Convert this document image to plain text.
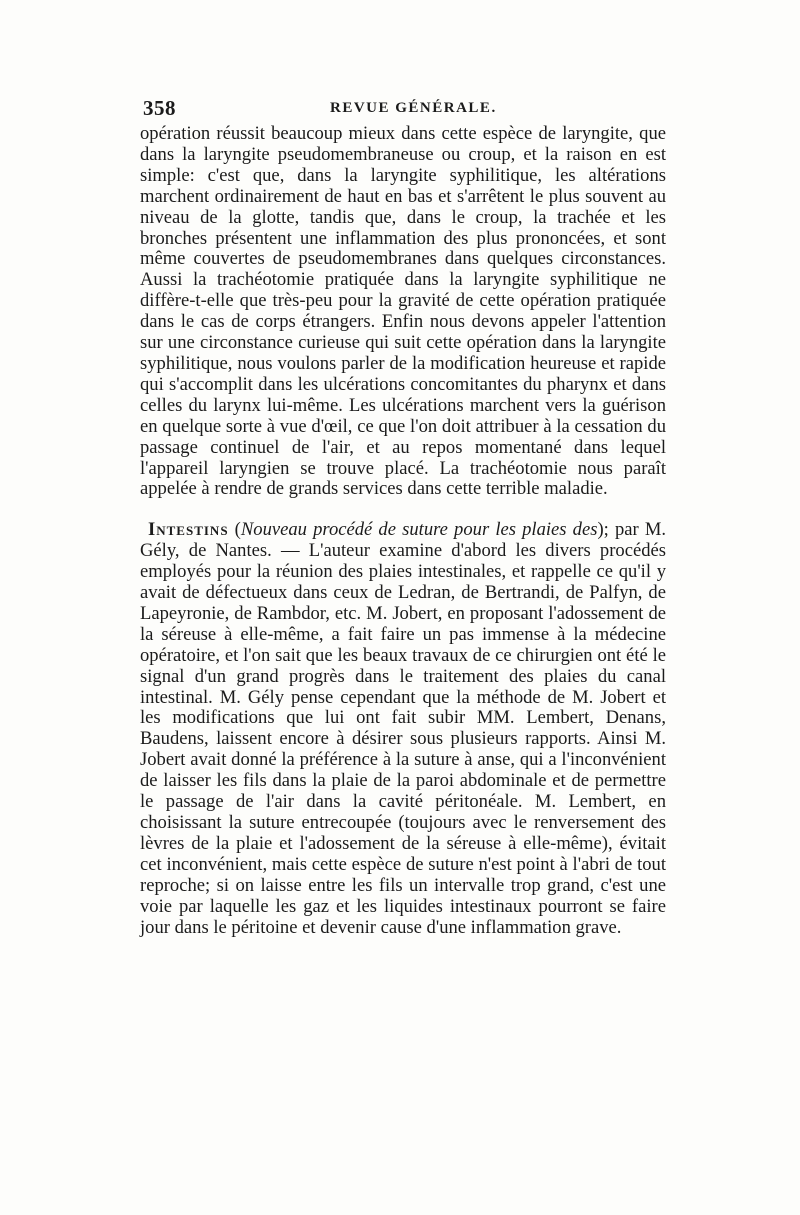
358	REVUE GÉNÉRALE.

opération réussit beaucoup mieux dans cette espèce de laryngite, que dans la laryngite pseudomembraneuse ou croup, et la raison en est simple: c'est que, dans la laryngite syphilitique, les altérations marchent ordinairement de haut en bas et s'arrêtent le plus souvent au niveau de la glotte, tandis que, dans le croup, la trachée et les bronches présentent une inflammation des plus prononcées, et sont même couvertes de pseudomembranes dans quelques circonstances. Aussi la trachéotomie pratiquée dans la laryngite syphilitique ne diffère-t-elle que très-peu pour la gravité de cette opération pratiquée dans le cas de corps étrangers. Enfin nous devons appeler l'attention sur une circonstance curieuse qui suit cette opération dans la laryngite syphilitique, nous voulons parler de la modification heureuse et rapide qui s'accomplit dans les ulcérations concomitantes du pharynx et dans celles du larynx lui-même. Les ulcérations marchent vers la guérison en quelque sorte à vue d'œil, ce que l'on doit attribuer à la cessation du passage continuel de l'air, et au repos momentané dans lequel l'appareil laryngien se trouve placé. La trachéotomie nous paraît appelée à rendre de grands services dans cette terrible maladie.

Intestins (Nouveau procédé de suture pour les plaies des); par M. Gély, de Nantes. — L'auteur examine d'abord les divers procédés employés pour la réunion des plaies intestinales, et rappelle ce qu'il y avait de défectueux dans ceux de Ledran, de Bertrandi, de Palfyn, de Lapeyronie, de Rambdor, etc. M. Jobert, en proposant l'adossement de la séreuse à elle-même, a fait faire un pas immense à la médecine opératoire, et l'on sait que les beaux travaux de ce chirurgien ont été le signal d'un grand progrès dans le traitement des plaies du canal intestinal. M. Gély pense cependant que la méthode de M. Jobert et les modifications que lui ont fait subir MM. Lembert, Denans, Baudens, laissent encore à désirer sous plusieurs rapports. Ainsi M. Jobert avait donné la préférence à la suture à anse, qui a l'inconvénient de laisser les fils dans la plaie de la paroi abdominale et de permettre le passage de l'air dans la cavité péritonéale. M. Lembert, en choisissant la suture entrecoupée (toujours avec le renversement des lèvres de la plaie et l'adossement de la séreuse à elle-même), évitait cet inconvénient, mais cette espèce de suture n'est point à l'abri de tout reproche; si on laisse entre les fils un intervalle trop grand, c'est une voie par laquelle les gaz et les liquides intestinaux pourront se faire jour dans le péritoine et devenir cause d'une inflammation grave.
